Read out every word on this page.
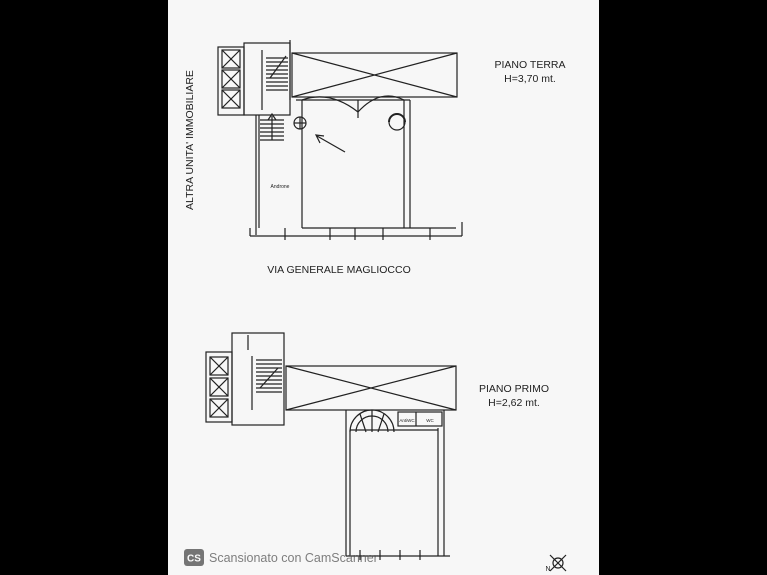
PIANO TERRA
H=3,70 mt.
ALTRA UNITA' IMMOBILIARE	Androne
VIA GENERALE MAGLIOCCO
PIANO PRIMO
H=2,62 mt.
AntiWC	WC
N
CS Scansionato con CamScanner
